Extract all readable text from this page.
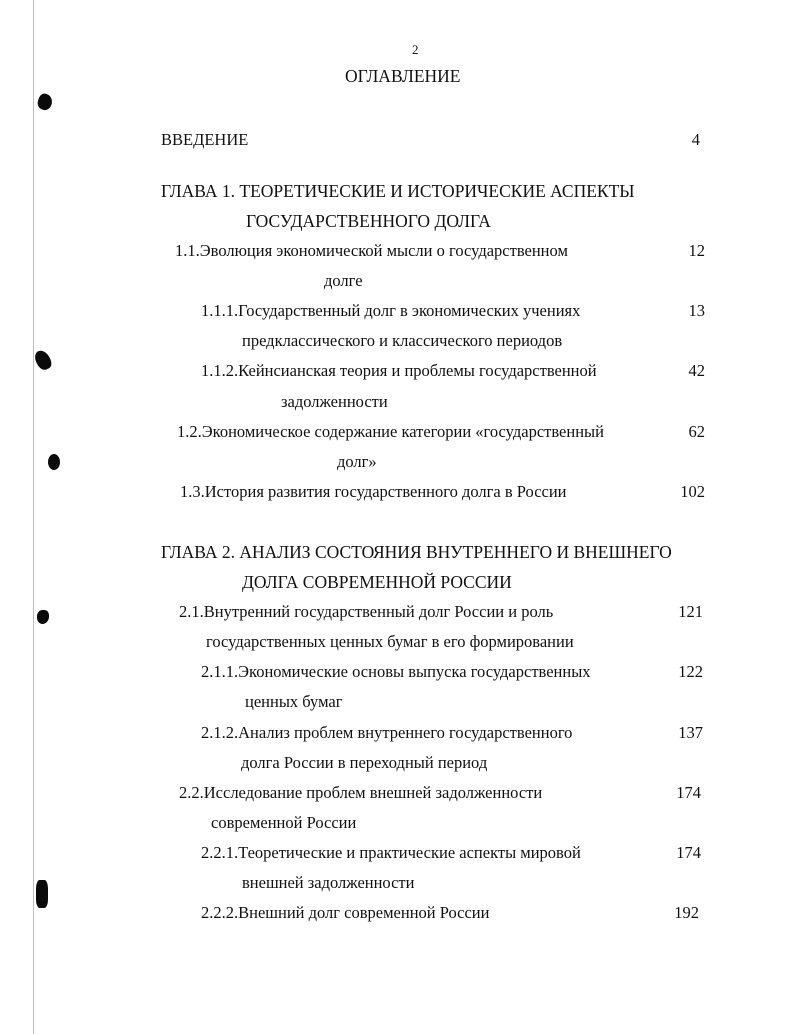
2
ОГЛАВЛЕНИЕ
ВВЕДЕНИЕ	4
ГЛАВА 1. ТЕОРЕТИЧЕСКИЕ И ИСТОРИЧЕСКИЕ АСПЕКТЫ
ГОСУДАРСТВЕННОГО ДОЛГА
1.1.Эволюция экономической мысли о государственном	12
долге
1.1.1.Государственный долг в экономических учениях	13
предклассического и классического периодов
1.1.2.Кейнсианская теория и проблемы государственной	42
задолженности
1.2.Экономическое содержание категории «государственный	62
долг»
1.3.История развития государственного долга в России	102
ГЛАВА 2. АНАЛИЗ СОСТОЯНИЯ ВНУТРЕННЕГО И ВНЕШНЕГО
ДОЛГА СОВРЕМЕННОЙ РОССИИ
2.1.Внутренний государственный долг России и роль	121
государственных ценных бумаг в его формировании
2.1.1.Экономические основы выпуска государственных	122
ценных бумаг
2.1.2.Анализ проблем внутреннего государственного	137
долга России в переходный период
2.2.Исследование проблем внешней задолженности	174
современной России
2.2.1.Теоретические и практические аспекты мировой	174
внешней задолженности
2.2.2.Внешний долг современной России	192
